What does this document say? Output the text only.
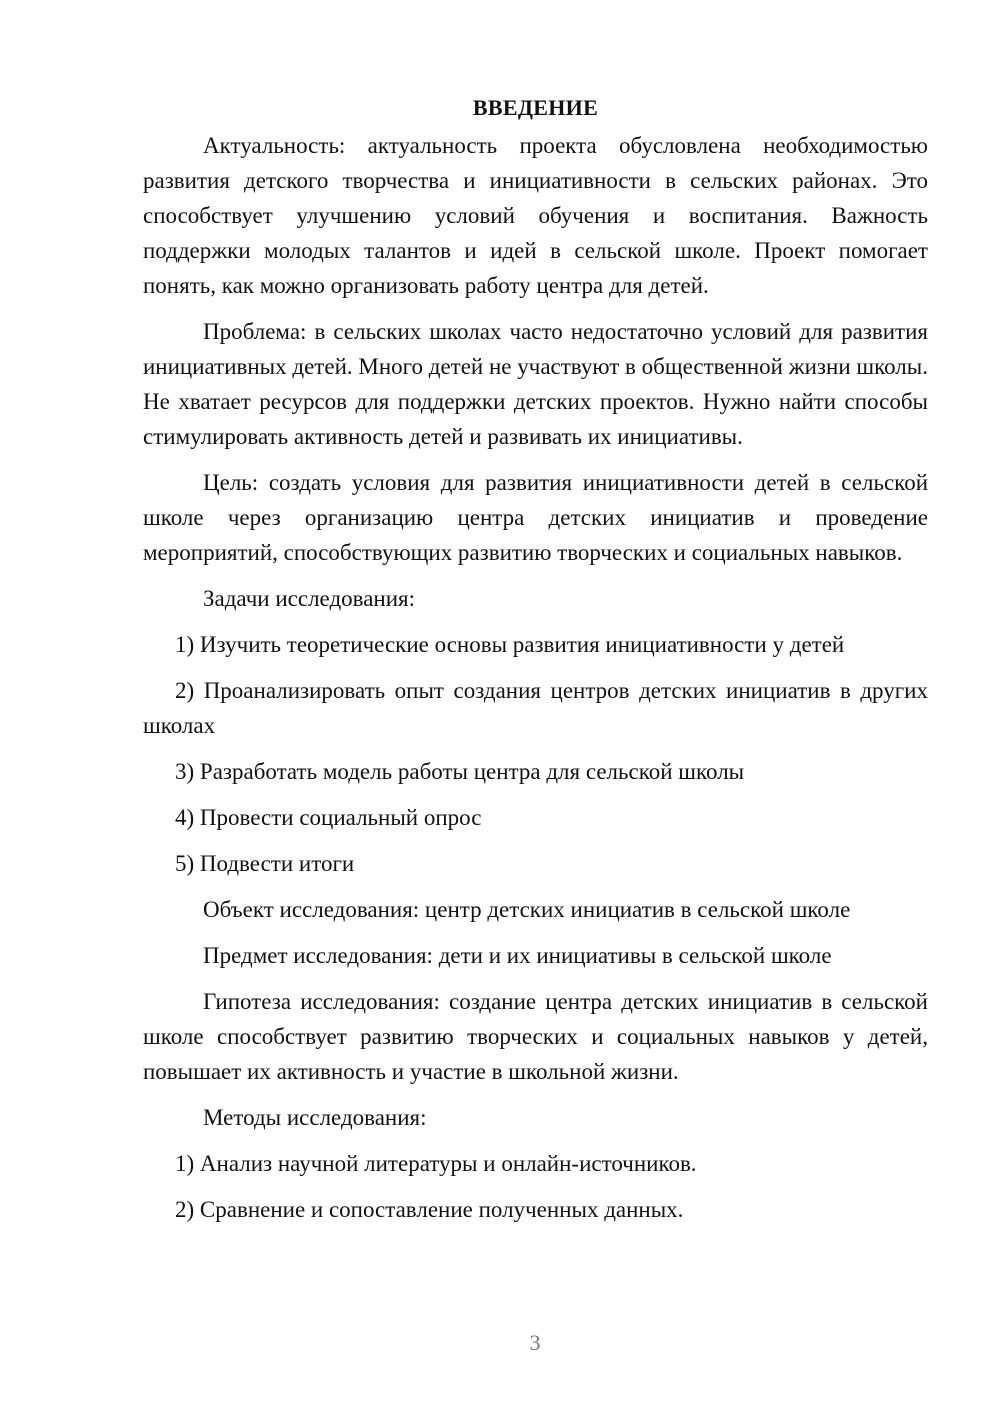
ВВЕДЕНИЕ

Актуальность: актуальность проекта обусловлена необходимостью развития детского творчества и инициативности в сельских районах. Это способствует улучшению условий обучения и воспитания. Важность поддержки молодых талантов и идей в сельской школе. Проект помогает понять, как можно организовать работу центра для детей.

Проблема: в сельских школах часто недостаточно условий для развития инициативных детей. Много детей не участвуют в общественной жизни школы. Не хватает ресурсов для поддержки детских проектов. Нужно найти способы стимулировать активность детей и развивать их инициативы.

Цель: создать условия для развития инициативности детей в сельской школе через организацию центра детских инициатив и проведение мероприятий, способствующих развитию творческих и социальных навыков.

Задачи исследования:

1) Изучить теоретические основы развития инициативности у детей

2) Проанализировать опыт создания центров детских инициатив в других школах

3) Разработать модель работы центра для сельской школы

4) Провести социальный опрос

5) Подвести итоги

Объект исследования: центр детских инициатив в сельской школе

Предмет исследования: дети и их инициативы в сельской школе

Гипотеза исследования: создание центра детских инициатив в сельской школе способствует развитию творческих и социальных навыков у детей, повышает их активность и участие в школьной жизни.

Методы исследования:

1) Анализ научной литературы и онлайн-источников.

2) Сравнение и сопоставление полученных данных.

3
